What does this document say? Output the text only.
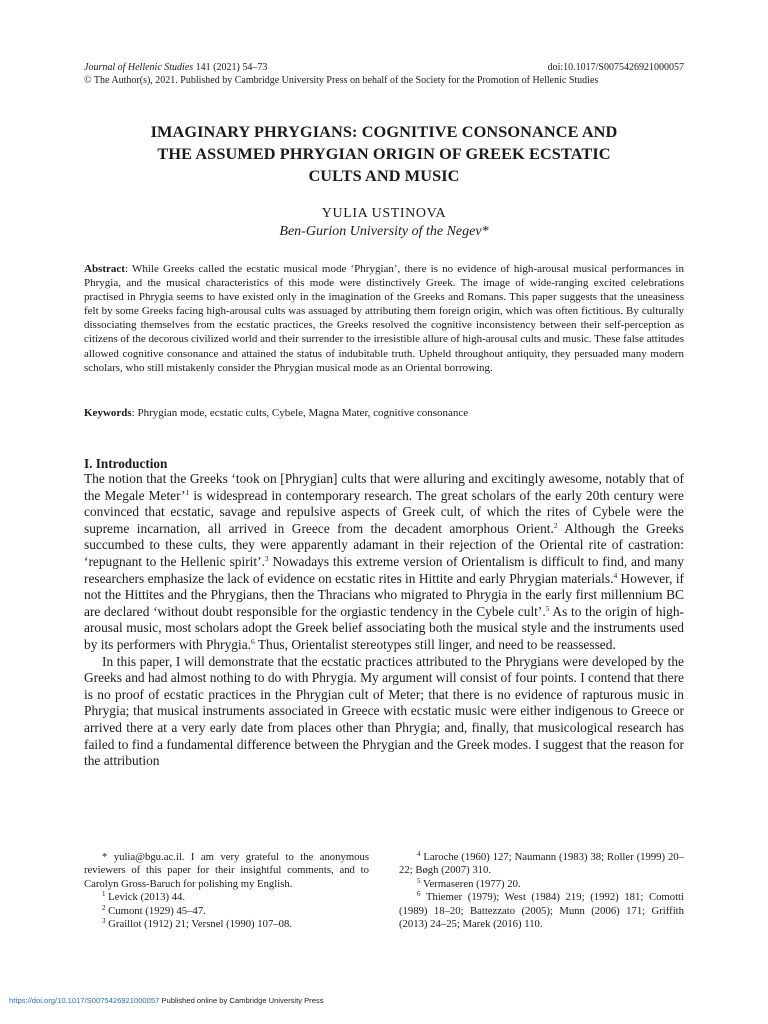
Journal of Hellenic Studies 141 (2021) 54–73	doi:10.1017/S0075426921000057
© The Author(s), 2021. Published by Cambridge University Press on behalf of the Society for the Promotion of Hellenic Studies
IMAGINARY PHRYGIANS: COGNITIVE CONSONANCE AND
THE ASSUMED PHRYGIAN ORIGIN OF GREEK ECSTATIC
CULTS AND MUSIC
YULIA USTINOVA
Ben-Gurion University of the Negev*
Abstract: While Greeks called the ecstatic musical mode ‘Phrygian’, there is no evidence of high-arousal musical performances in Phrygia, and the musical characteristics of this mode were distinctively Greek. The image of wide-ranging excited celebrations practised in Phrygia seems to have existed only in the imagination of the Greeks and Romans. This paper suggests that the uneasiness felt by some Greeks facing high-arousal cults was assuaged by attributing them foreign origin, which was often fictitious. By culturally dissociating themselves from the ecstatic practices, the Greeks resolved the cognitive inconsistency between their self-perception as citizens of the decorous civilized world and their surrender to the irresistible allure of high-arousal cults and music. These false attitudes allowed cognitive consonance and attained the status of indubitable truth. Upheld throughout antiquity, they persuaded many modern scholars, who still mistakenly consider the Phrygian musical mode as an Oriental borrowing.
Keywords: Phrygian mode, ecstatic cults, Cybele, Magna Mater, cognitive consonance
I. Introduction

The notion that the Greeks ‘took on [Phrygian] cults that were alluring and excitingly awesome, notably that of the Megale Meter’$^1$ is widespread in contemporary research. The great scholars of the early 20th century were convinced that ecstatic, savage and repulsive aspects of Greek cult, of which the rites of Cybele were the supreme incarnation, all arrived in Greece from the decadent amorphous Orient.$^2$ Although the Greeks succumbed to these cults, they were apparently adamant in their rejection of the Oriental rite of castration: ‘repugnant to the Hellenic spirit’.$^3$ Nowadays this extreme version of Orientalism is difficult to find, and many researchers emphasize the lack of evidence on ecstatic rites in Hittite and early Phrygian materials.$^4$ However, if not the Hittites and the Phrygians, then the Thracians who migrated to Phrygia in the early first millennium BC are declared ‘without doubt responsible for the orgiastic tendency in the Cybele cult’.$^5$ As to the origin of high-arousal music, most scholars adopt the Greek belief associating both the musical style and the instruments used by its performers with Phrygia.$^6$ Thus, Orientalist stereotypes still linger, and need to be reassessed.

In this paper, I will demonstrate that the ecstatic practices attributed to the Phrygians were developed by the Greeks and had almost nothing to do with Phrygia. My argument will consist of four points. I contend that there is no proof of ecstatic practices in the Phrygian cult of Meter; that there is no evidence of rapturous music in Phrygia; that musical instruments associated in Greece with ecstatic music were either indigenous to Greece or arrived there at a very early date from places other than Phrygia; and, finally, that musicological research has failed to find a fundamental difference between the Phrygian and the Greek modes. I suggest that the reason for the attribution

* yulia@bgu.ac.il. I am very grateful to the anonymous reviewers of this paper for their insightful comments, and to Carolyn Gross-Baruch for polishing my English.

$^1$ Levick (2013) 44.

$^2$ Cumont (1929) 45–47.

$^3$ Graillot (1912) 21; Versnel (1990) 107–08.

$^4$ Laroche (1960) 127; Naumann (1983) 38; Roller (1999) 20–22; Bøgh (2007) 310.

$^5$ Vermaseren (1977) 20.

$^6$ Thiemer (1979); West (1984) 219; (1992) 181; Comotti (1989) 18–20; Battezzato (2005); Munn (2006) 171; Griffith (2013) 24–25; Marek (2016) 110.

https://doi.org/10.1017/S0075426921000057 Published online by Cambridge University Press
